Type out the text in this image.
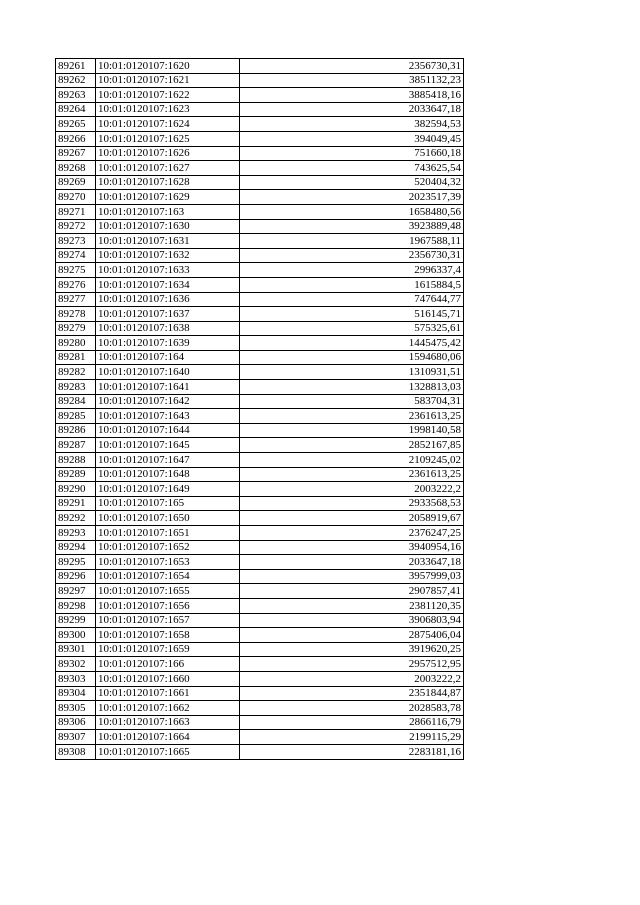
89261	10:01:0120107:1620	2356730,31
89262	10:01:0120107:1621	3851132,23
89263	10:01:0120107:1622	3885418,16
89264	10:01:0120107:1623	2033647,18
89265	10:01:0120107:1624	382594,53
89266	10:01:0120107:1625	394049,45
89267	10:01:0120107:1626	751660,18
89268	10:01:0120107:1627	743625,54
89269	10:01:0120107:1628	520404,32
89270	10:01:0120107:1629	2023517,39
89271	10:01:0120107:163	1658480,56
89272	10:01:0120107:1630	3923889,48
89273	10:01:0120107:1631	1967588,11
89274	10:01:0120107:1632	2356730,31
89275	10:01:0120107:1633	2996337,4
89276	10:01:0120107:1634	1615884,5
89277	10:01:0120107:1636	747644,77
89278	10:01:0120107:1637	516145,71
89279	10:01:0120107:1638	575325,61
89280	10:01:0120107:1639	1445475,42
89281	10:01:0120107:164	1594680,06
89282	10:01:0120107:1640	1310931,51
89283	10:01:0120107:1641	1328813,03
89284	10:01:0120107:1642	583704,31
89285	10:01:0120107:1643	2361613,25
89286	10:01:0120107:1644	1998140,58
89287	10:01:0120107:1645	2852167,85
89288	10:01:0120107:1647	2109245,02
89289	10:01:0120107:1648	2361613,25
89290	10:01:0120107:1649	2003222,2
89291	10:01:0120107:165	2933568,53
89292	10:01:0120107:1650	2058919,67
89293	10:01:0120107:1651	2376247,25
89294	10:01:0120107:1652	3940954,16
89295	10:01:0120107:1653	2033647,18
89296	10:01:0120107:1654	3957999,03
89297	10:01:0120107:1655	2907857,41
89298	10:01:0120107:1656	2381120,35
89299	10:01:0120107:1657	3906803,94
89300	10:01:0120107:1658	2875406,04
89301	10:01:0120107:1659	3919620,25
89302	10:01:0120107:166	2957512,95
89303	10:01:0120107:1660	2003222,2
89304	10:01:0120107:1661	2351844,87
89305	10:01:0120107:1662	2028583,78
89306	10:01:0120107:1663	2866116,79
89307	10:01:0120107:1664	2199115,29
89308	10:01:0120107:1665	2283181,16
